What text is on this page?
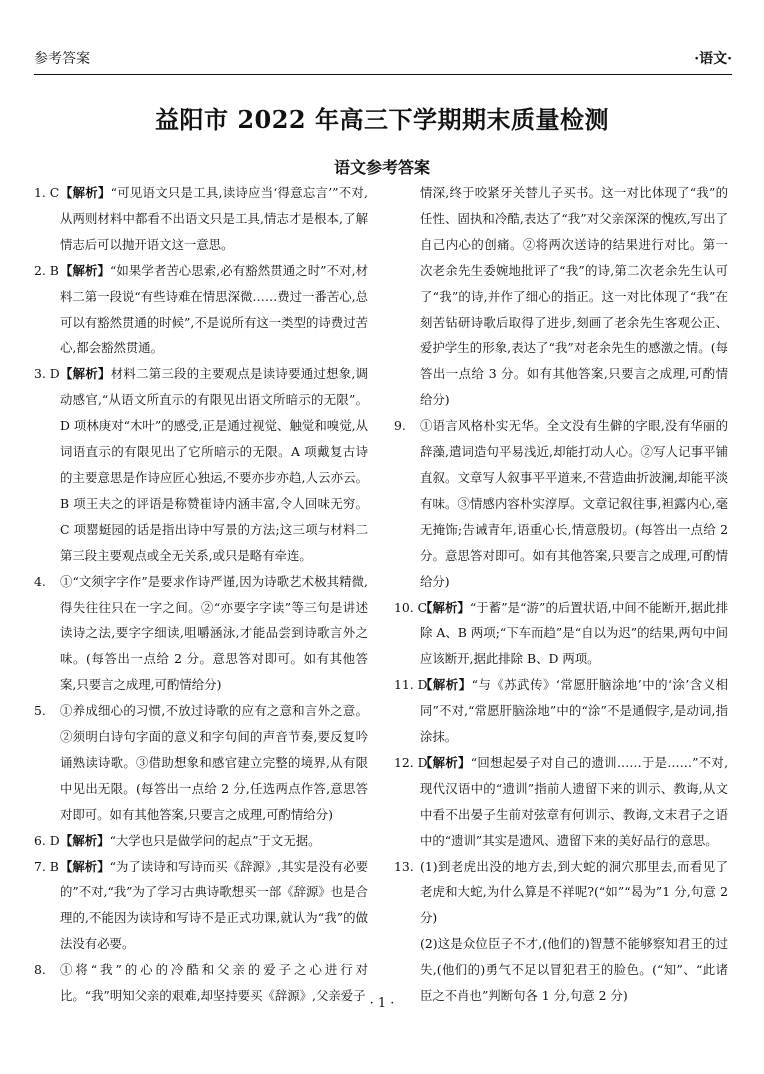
参考答案	·语文·
益阳市 2022 年高三下学期期末质量检测
语文参考答案

1. C 【解析】“可见语文只是工具,读诗应当‘得意忘言’”不对,从两则材料中都看不出语文只是工具,情志才是根本,了解情志后可以抛开语文这一意思。

2. B 【解析】“如果学者苦心思索,必有豁然贯通之时”不对,材料二第一段说“有些诗难在情思深微……费过一番苦心,总可以有豁然贯通的时候”,不是说所有这一类型的诗费过苦心,都会豁然贯通。

3. D 【解析】材料二第三段的主要观点是读诗要通过想象,调动感官,“从语文所直示的有限见出语文所暗示的无限”。D 项林庚对“木叶”的感受,正是通过视觉、触觉和嗅觉,从词语直示的有限见出了它所暗示的无限。A 项戴复古诗的主要意思是作诗应匠心独运,不要亦步亦趋,人云亦云。B 项王夫之的评语是称赞崔诗内涵丰富,令人回味无穷。C 项罂蜓园的话是指出诗中写景的方法;这三项与材料二第三段主要观点或全无关系,或只是略有牵连。

4. ①“文须字字作”是要求作诗严谨,因为诗歌艺术极其精微,得失往往只在一字之间。②“亦要字字读”等三句是讲述读诗之法,要字字细读,咀嚼涵泳,才能品尝到诗歌言外之味。(每答出一点给 2 分。意思答对即可。如有其他答案,只要言之成理,可酌情给分)

5. ①养成细心的习惯,不放过诗歌的应有之意和言外之意。②须明白诗句字面的意义和字句间的声音节奏,要反复吟诵熟读诗歌。③借助想象和感官建立完整的境界,从有限中见出无限。(每答出一点给 2 分,任选两点作答,意思答对即可。如有其他答案,只要言之成理,可酌情给分)

6. D 【解析】“大学也只是做学问的起点”于文无据。

7. B 【解析】“为了读诗和写诗而买《辞源》,其实是没有必要的”不对,“我”为了学习古典诗歌想买一部《辞源》也是合理的,不能因为读诗和写诗不是正式功课,就认为“我”的做法没有必要。

8. ①将“我”的心的冷酷和父亲的爱子之心进行对比。“我”明知父亲的艰难,却坚持要买《辞源》,父亲爱子

情深,终于咬紧牙关替儿子买书。这一对比体现了“我”的任性、固执和冷酷,表达了“我”对父亲深深的愧疚,写出了自己内心的创痛。②将两次送诗的结果进行对比。第一次老余先生委婉地批评了“我”的诗,第二次老余先生认可了“我”的诗,并作了细心的指正。这一对比体现了“我”在刻苦钻研诗歌后取得了进步,刻画了老余先生客观公正、爱护学生的形象,表达了“我”对老余先生的感激之情。(每答出一点给 3 分。如有其他答案,只要言之成理,可酌情给分)

9. ①语言风格朴实无华。全文没有生僻的字眼,没有华丽的辞藻,遣词造句平易浅近,却能打动人心。②写人记事平铺直叙。文章写人叙事平平道来,不营造曲折波澜,却能平淡有味。③情感内容朴实淳厚。文章记叙往事,袒露内心,毫无掩饰;告诫青年,语重心长,情意殷切。(每答出一点给 2 分。意思答对即可。如有其他答案,只要言之成理,可酌情给分)

10. C
【解析】“于蓄”是“游”的后置状语,中间不能断开,据此排除 A、B 两项;“下车而趋”是“自以为迟”的结果,两句中间应该断开,据此排除 B、D 两项。

11. D
【解析】“与《苏武传》‘常愿肝脑涂地’中的‘涂’含义相同”不对,“常愿肝脑涂地”中的“涂”不是通假字,是动词,指涂抹。

12. D
【解析】“回想起晏子对自己的遗训……于是……”不对,现代汉语中的“遗训”指前人遗留下来的训示、教诲,从文中看不出晏子生前对弦章有何训示、教诲,文末君子之语中的“遗训”其实是遗风、遗留下来的美好品行的意思。

13. (1)到老虎出没的地方去,到大蛇的洞穴那里去,而看见了老虎和大蛇,为什么算是不祥呢?(“如”“曷为”1 分,句意 2 分)
(2)这是众位臣子不才,(他们的)智慧不能够察知君王的过失,(他们的)勇气不足以冒犯君王的脸色。(“知”、“此诸臣之不肖也”判断句各 1 分,句意 2 分)

· 1 ·
